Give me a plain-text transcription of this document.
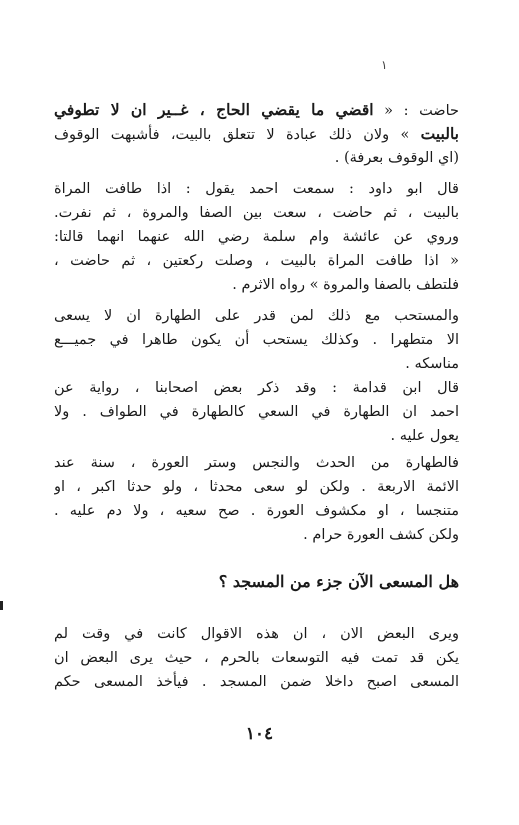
١
حاضت : « اقضي ما يقضي الحاج ، غــير ان لا تطوفي
بالبيت » ولان ذلك عبادة لا تتعلق بالبيت، فأشبهت الوقوف
(اي الوقوف بعرفة) .
قال ابو داود : سمعت احمد يقول : اذا طافت المراة
بالبيت ، ثم حاضت ، سعت بين الصفا والمروة ، ثم نفرت.
وروي عن عائشة وام سلمة رضي الله عنهما انهما قالتا:
« اذا طافت المراة بالبيت ، وصلت ركعتين ، ثم حاضت ،
فلتطف بالصفا والمروة » رواه الاثرم .
والمستحب مع ذلك لمن قدر على الطهارة ان لا يسعى
الا متطهرا . وكذلك يستحب أن يكون طاهرا في جميـــع
مناسكه .
قال ابن قدامة : وقد ذكر بعض اصحابنا ، رواية عن
احمد ان الطهارة في السعي كالطهارة في الطواف . ولا
يعول عليه .
فالطهارة من الحدث والنجس وستر العورة ، سنة عند
الائمة الاربعة . ولكن لو سعى محدثا ، ولو حدثا اكبر ، او
متنجسا ، او مكشوف العورة . صح سعيه ، ولا دم عليه .
ولكن كشف العورة حرام .
هل المسعى الآن جزء من المسجد ؟
ويرى البعض الان ، ان هذه الاقوال كانت في وقت لم
يكن قد تمت فيه التوسعات بالحرم ، حيث يرى البعض ان
المسعى اصبح داخلا ضمن المسجد . فيأخذ المسعى حكم
١٠٤
